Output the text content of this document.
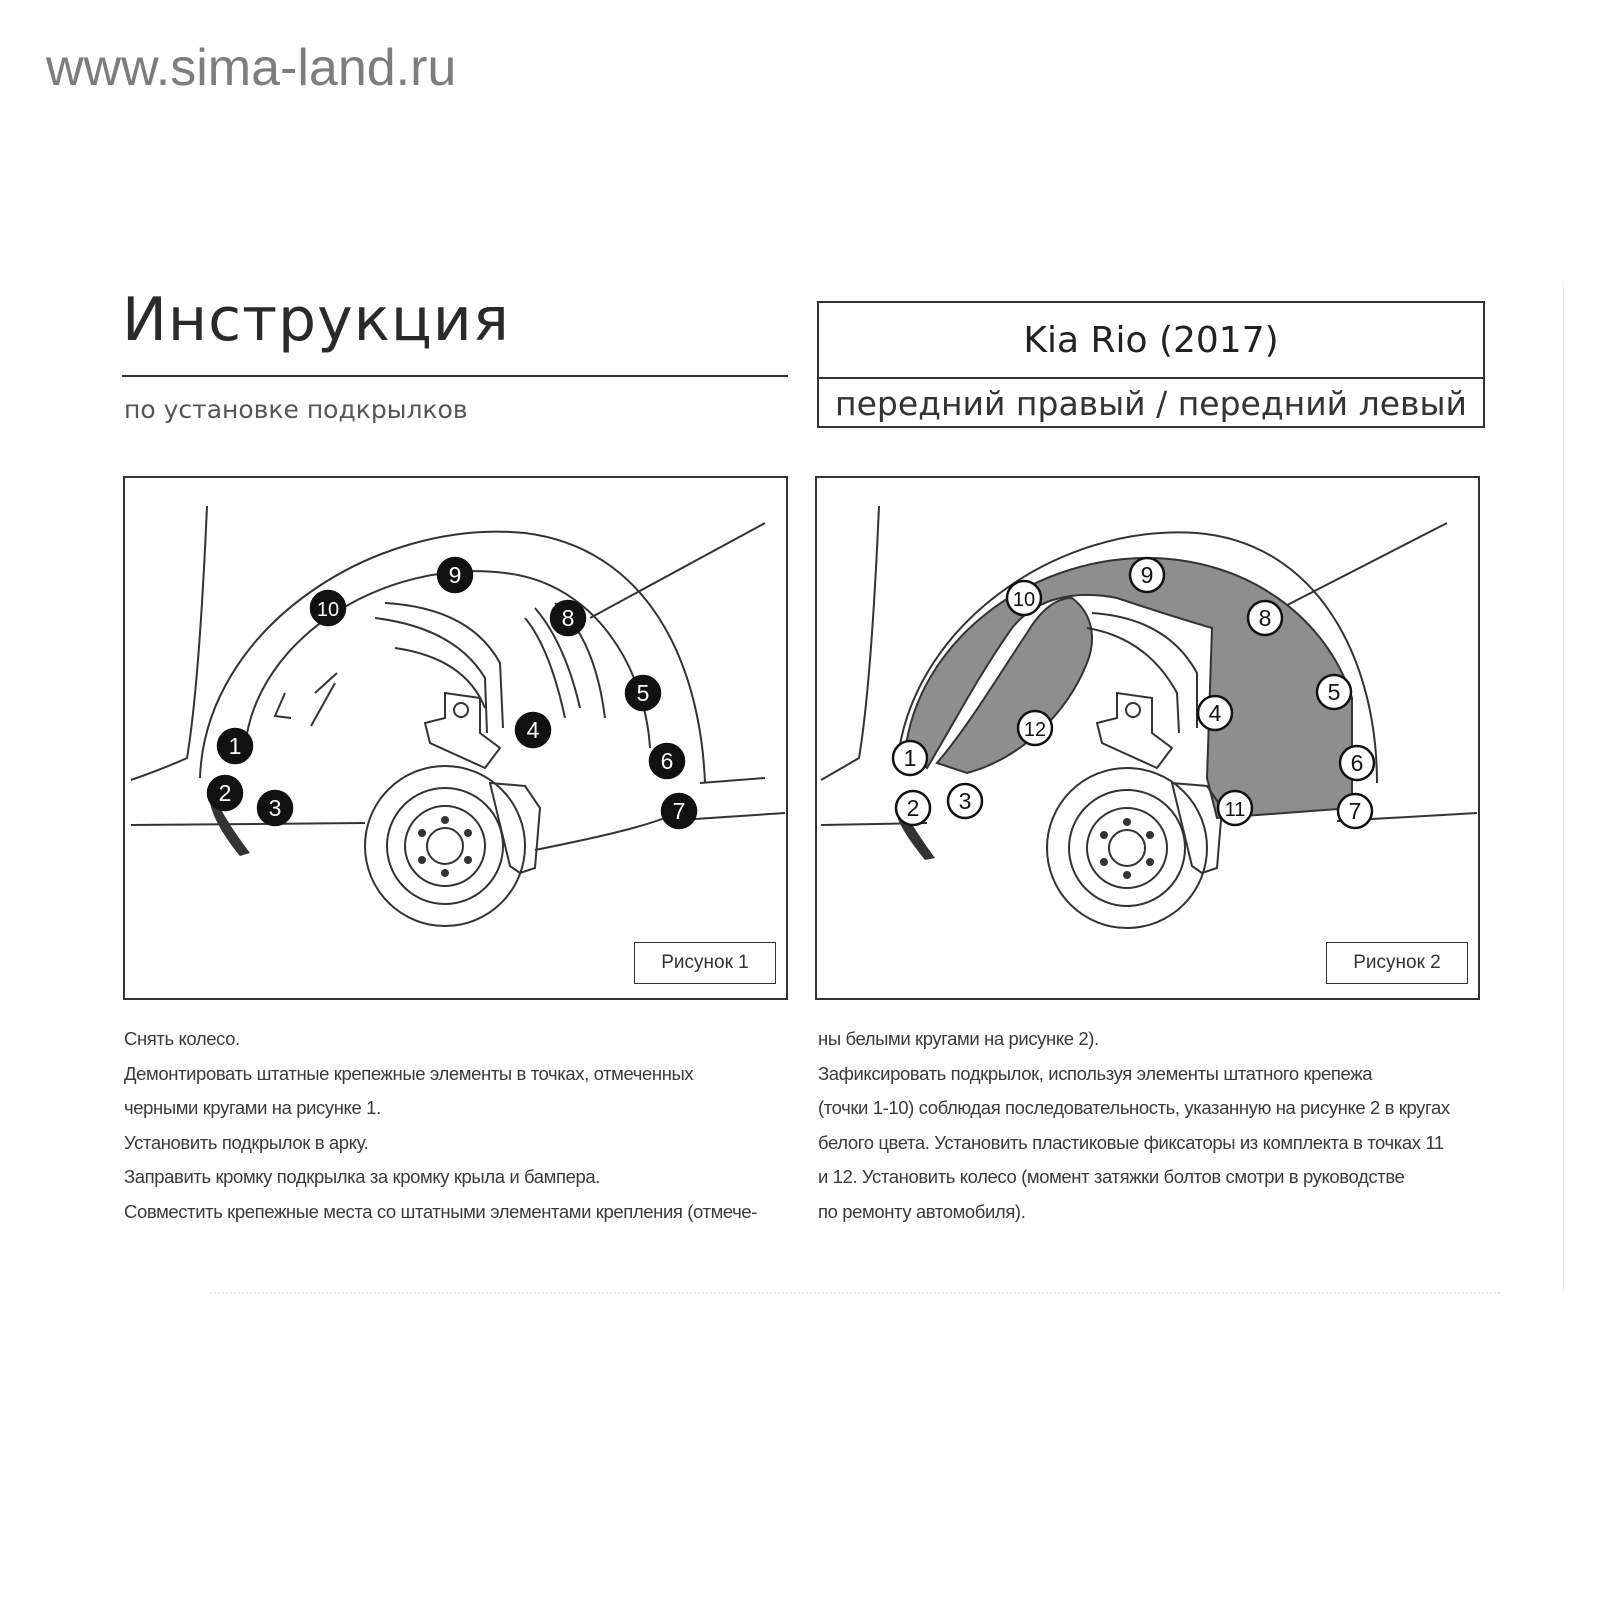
www.sima-land.ru
Инструкция
по установке подкрылков
Kia Rio (2017)
передний правый / передний левый
1
2
3
4
5
6
7
8
9
10
Рисунок 1
1
2 3
4
5
6
7
8
9
10
11
12
Рисунок 2

Снять колесо.

Демонтировать штатные крепежные элементы в точках, отмеченных

черными кругами на рисунке 1.

Установить подкрылок в арку.

Заправить кромку подкрылка за кромку крыла и бампера.

Совместить крепежные места со штатными элементами крепления (отмече-

ны белыми кругами на рисунке 2).

Зафиксировать подкрылок, используя элементы штатного крепежа

(точки 1-10) соблюдая последовательность, указанную на рисунке 2 в кругах

белого цвета. Установить пластиковые фиксаторы из комплекта в точках 11

и 12. Установить колесо (момент затяжки болтов смотри в руководстве

по ремонту автомобиля).
